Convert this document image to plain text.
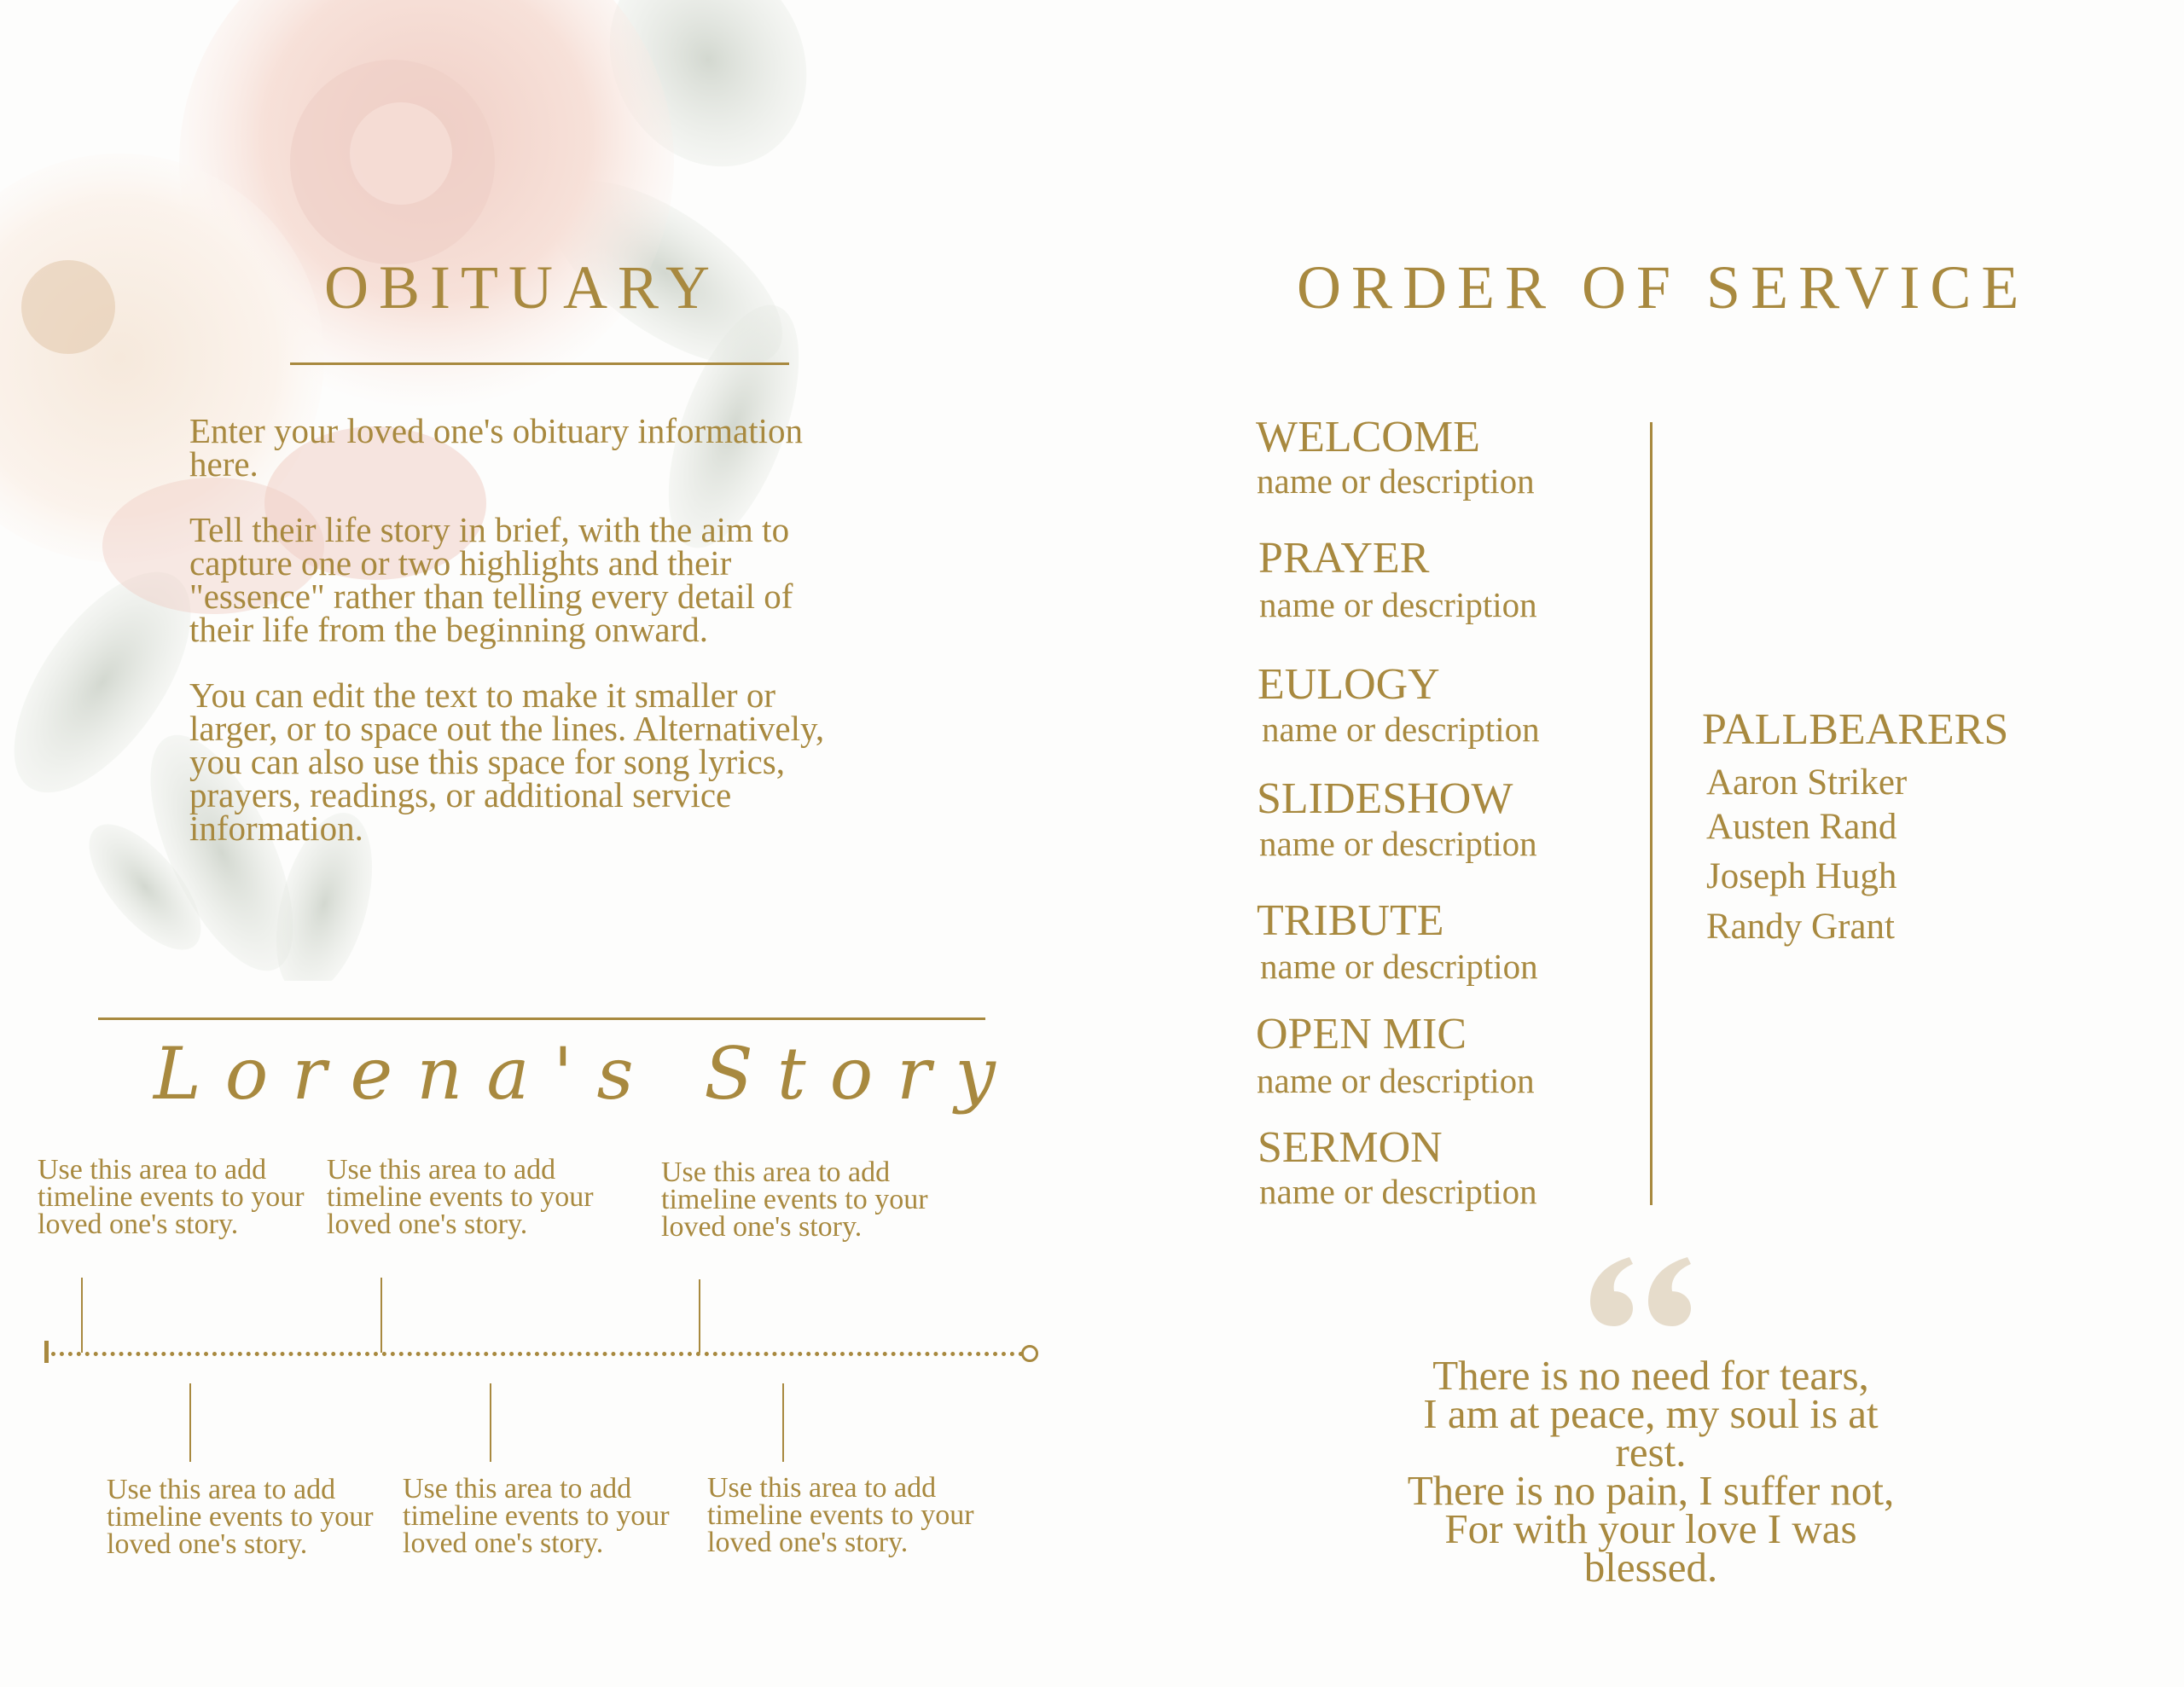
OBITUARY

Enter your loved one's obituary information here.

Tell their life story in brief, with the aim to capture one or two highlights and their "essence" rather than telling every detail of their life from the beginning onward.

You can edit the text to make it smaller or larger, or to space out the lines. Alternatively, you can also use this space for song lyrics, prayers, readings, or additional service information.

Lorena's Story
Use this area to add timeline events to your loved one's story.
Use this area to add timeline events to your loved one's story.
Use this area to add timeline events to your loved one's story.
Use this area to add timeline events to your loved one's story.
Use this area to add timeline events to your loved one's story.
Use this area to add timeline events to your loved one's story.
ORDER OF SERVICE
WELCOME
name or description
PRAYER
name or description
EULOGY
name or description
SLIDESHOW
name or description
TRIBUTE
name or description
OPEN MIC
name or description
SERMON
name or description
PALLBEARERS
Aaron Striker
Austen Rand
Joseph Hugh
Randy Grant
There is no need for tears,
I am at peace, my soul is at
rest.
There is no pain, I suffer not,
For with your love I was
blessed.
